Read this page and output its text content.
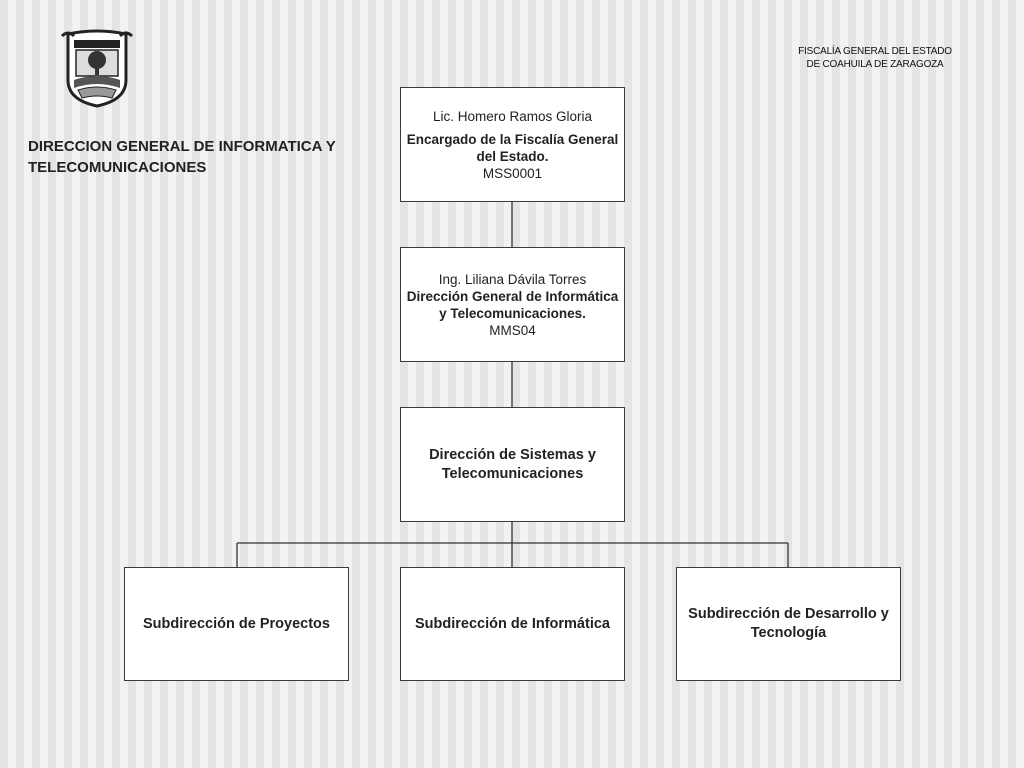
FISCALÍA GENERAL DEL ESTADO
DE COAHUILA DE ZARAGOZA
DIRECCION GENERAL DE INFORMATICA Y
TELECOMUNICACIONES
Lic. Homero Ramos Gloria
Encargado de la Fiscalía General
del Estado.
MSS0001
Ing. Liliana Dávila Torres
Dirección General de Informática
y Telecomunicaciones.
MMS04
Dirección de Sistemas y
Telecomunicaciones
Subdirección de Proyectos	Subdirección de Informática
Subdirección de Desarrollo y
Tecnología
